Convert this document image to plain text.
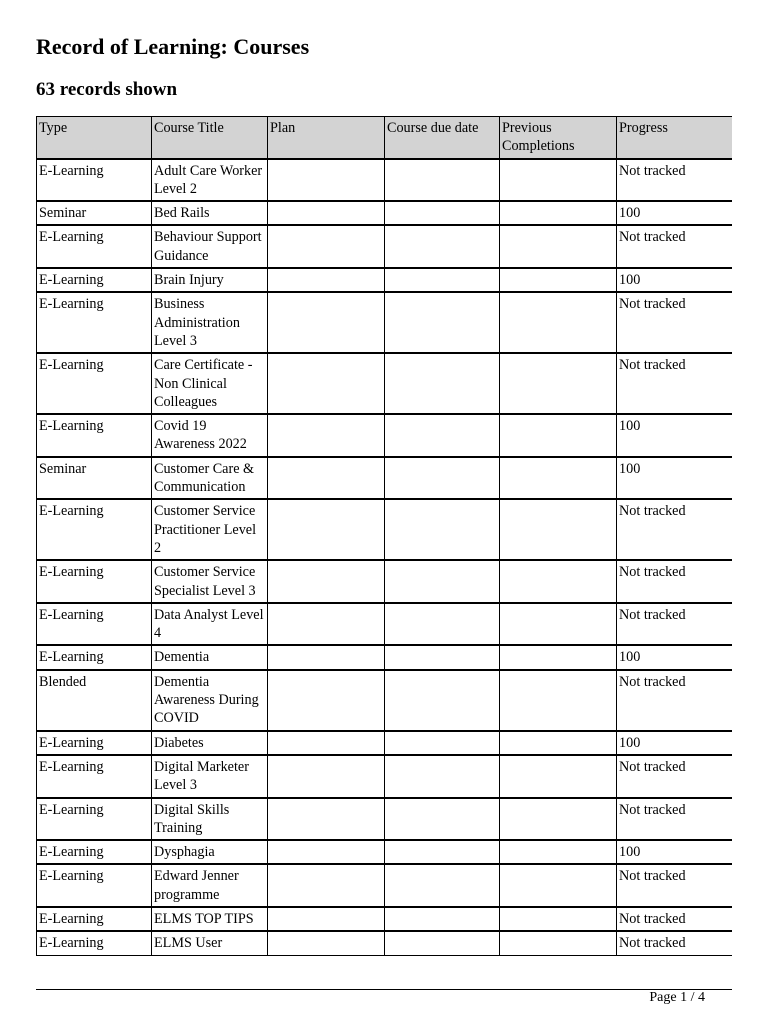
Record of Learning: Courses
63 records shown
Type	Course Title	Plan	Course due date	Previous Completions	Progress
E-Learning	Adult Care Worker Level 2				Not tracked
Seminar	Bed Rails				100
E-Learning	Behaviour Support Guidance				Not tracked
E-Learning	Brain Injury				100
E-Learning	Business Administration Level 3				Not tracked
E-Learning	Care Certificate - Non Clinical Colleagues				Not tracked
E-Learning	Covid 19 Awareness 2022				100
Seminar	Customer Care & Communication				100
E-Learning	Customer Service Practitioner Level 2				Not tracked
E-Learning	Customer Service Specialist Level 3				Not tracked
E-Learning	Data Analyst Level 4				Not tracked
E-Learning	Dementia				100
Blended	Dementia Awareness During COVID				Not tracked
E-Learning	Diabetes				100
E-Learning	Digital Marketer Level 3				Not tracked
E-Learning	Digital Skills Training				Not tracked
E-Learning	Dysphagia				100
E-Learning	Edward Jenner programme				Not tracked
E-Learning	ELMS TOP TIPS				Not tracked
E-Learning	ELMS User				Not tracked
Page 1 / 4
